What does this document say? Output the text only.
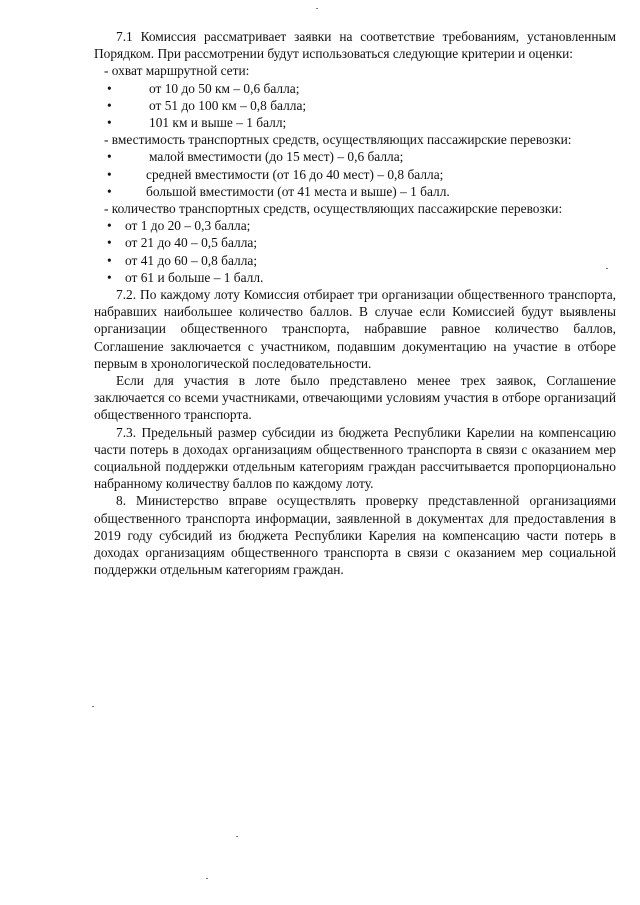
7.1 Комиссия рассматривает заявки на соответствие требованиям, установленным Порядком. При рассмотрении будут использоваться следующие критерии и оценки:

- охват маршрутной сети:

•	от 10 до 50 км – 0,6 балла;
•	от 51 до 100 км – 0,8 балла;
•	101 км и выше – 1 балл;

- вместимость транспортных средств, осуществляющих пассажирские перевозки:

•	малой вместимости (до 15 мест) – 0,6 балла;
•	средней вместимости (от 16 до 40 мест) – 0,8 балла;
•	большой вместимости (от 41 места и выше) – 1 балл.

- количество транспортных средств, осуществляющих пассажирские перевозки:

• от 1 до 20 – 0,3 балла;
• от 21 до 40 – 0,5 балла;
• от 41 до 60 – 0,8 балла;
• от 61 и больше – 1 балл.

7.2. По каждому лоту Комиссия отбирает три организации общественного транспорта, набравших наибольшее количество баллов. В случае если Комиссией будут выявлены организации общественного транспорта, набравшие равное количество баллов, Соглашение заключается с участником, подавшим документацию на участие в отборе первым в хронологической последовательности.

Если для участия в лоте было представлено менее трех заявок, Соглашение заключается со всеми участниками, отвечающими условиям участия в отборе организаций общественного транспорта.

7.3. Предельный размер субсидии из бюджета Республики Карелии на компенсацию части потерь в доходах организациям общественного транспорта в связи с оказанием мер социальной поддержки отдельным категориям граждан рассчитывается пропорционально набранному количеству баллов по каждому лоту.

8. Министерство вправе осуществлять проверку представленной организациями общественного транспорта информации, заявленной в документах для предоставления в 2019 году субсидий из бюджета Республики Карелия на компенсацию части потерь в доходах организациям общественного транспорта в связи с оказанием мер социальной поддержки отдельным категориям граждан.
